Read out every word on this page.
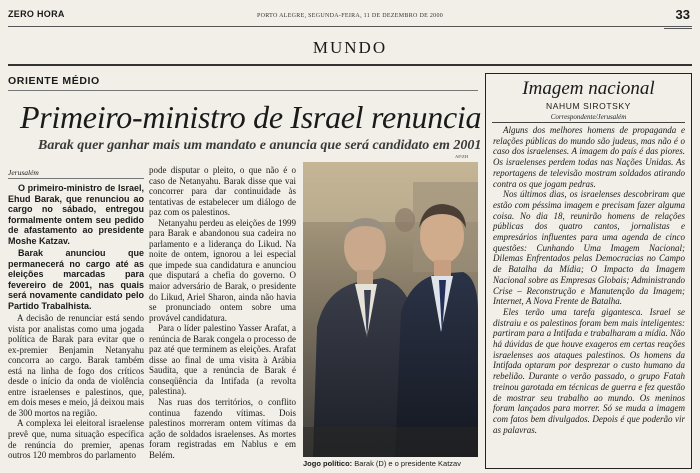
ZERO HORA	PORTO ALEGRE, SEGUNDA-FEIRA, 11 DE DEZEMBRO DE 2000	33
MUNDO
ORIENTE MÉDIO
Primeiro-ministro de Israel renuncia
Barak quer ganhar mais um mandato e anuncia que será candidato em 2001
AP/ZH
Jerusalém

O primeiro-ministro de Israel, Ehud Barak, que renunciou ao cargo no sábado, entregou formalmente ontem seu pedido de afastamento ao presidente Moshe Katzav.

Barak anunciou que permanecerá no cargo até as eleições marcadas para fevereiro de 2001, nas quais será novamente candidato pelo Partido Trabalhista.

A decisão de renunciar está sendo vista por analistas como uma jogada política de Barak para evitar que o ex-premier Benjamin Netanyahu concorra ao cargo. Barak também está na linha de fogo dos críticos desde o início da onda de violência entre israelenses e palestinos, que, em dois meses e meio, já deixou mais de 300 mortos na região.

A complexa lei eleitoral israelense prevê que, numa situação específica de renúncia do premier, apenas outros 120 membros do parlamento

pode disputar o pleito, o que não é o caso de Netanyahu. Barak disse que vai concorrer para dar continuidade às tentativas de estabelecer um diálogo de paz com os palestinos.

Netanyahu perdeu as eleições de 1999 para Barak e abandonou sua cadeira no parlamento e a liderança do Likud. Na noite de ontem, ignorou a lei especial que impede sua candidatura e anunciou que disputará a chefia do governo. O maior adversário de Barak, o presidente do Likud, Ariel Sharon, ainda não havia se pronunciado ontem sobre uma provável candidatura.

Para o líder palestino Yasser Arafat, a renúncia de Barak congela o processo de paz até que terminem as eleições. Arafat disse ao final de uma visita à Arábia Saudita, que a renúncia de Barak é conseqüência da Intifada (a revolta palestina).

Nas ruas dos territórios, o conflito continua fazendo vítimas. Dois palestinos morreram ontem vítimas da ação de soldados israelenses. As mortes foram registradas em Nablus e em Belém.

Jogo político: Barak (D) e o presidente Katzav
Imagem nacional
NAHUM SIROTSKY
Correspondente/Jerusalém

Alguns dos melhores homens de propaganda e relações públicas do mundo são judeus, mas não é o caso dos israelenses. A imagem do país é das piores. Os israelenses perdem todas nas Nações Unidas. As reportagens de televisão mostram soldados atirando contra os que jogam pedras.

Nos últimos dias, os israelenses descobriram que estão com péssima imagem e precisam fazer alguma coisa. No dia 18, reunirão homens de relações públicas dos quatro cantos, jornalistas e empresários influentes para uma agenda de cinco questões: Cunhando Uma Imagem Nacional; Dilemas Enfrentados pelas Democracias no Campo de Batalha da Mídia; O Impacto da Imagem Nacional sobre as Empresas Globais; Administrando Crise – Reconstrução e Manutenção da Imagem; Internet, A Nova Frente de Batalha.

Eles terão uma tarefa gigantesca. Israel se distraiu e os palestinos foram bem mais inteligentes: partiram para a Intifada e trabalharam a mídia. Não há dúvidas de que houve exageros em certas reações israelenses aos ataques palestinos. Os homens da Intifada optaram por desprezar o custo humano da rebelião. Durante o verão passado, o grupo Fatah treinou garotada em técnicas de guerra e fez questão de mostrar seu trabalho ao mundo. Os meninos foram lançados para morrer. Só se muda a imagem com fatos bem divulgados. Depois é que poderão vir as palavras.
